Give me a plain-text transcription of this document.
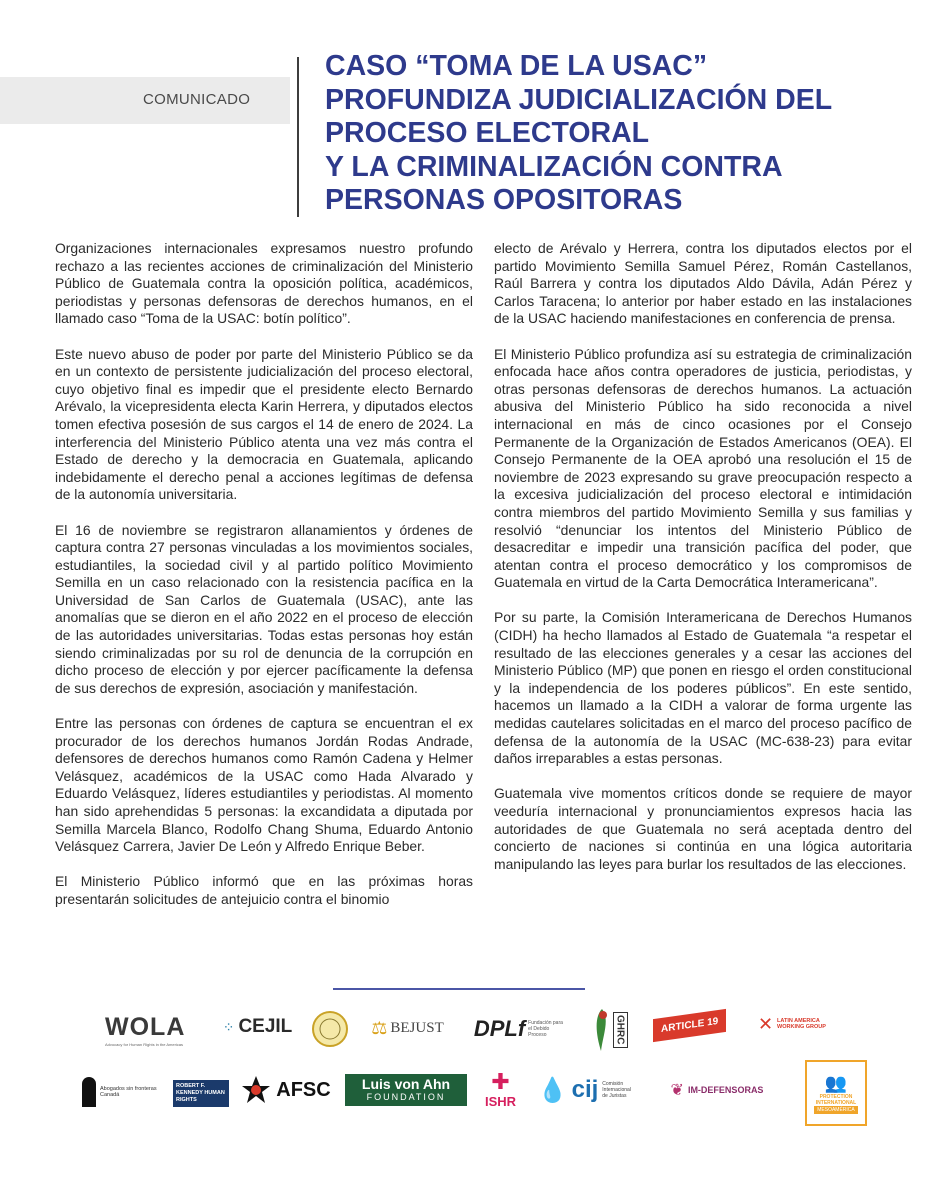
COMUNICADO
CASO “TOMA DE LA USAC”
PROFUNDIZA JUDICIALIZACIÓN DEL
PROCESO ELECTORAL
Y LA CRIMINALIZACIÓN CONTRA
PERSONAS OPOSITORAS

Organizaciones internacionales expresamos nuestro profundo rechazo a las recientes acciones de criminalización del Ministerio Público de Guatemala contra la oposición política, académicos, periodistas y personas defensoras de derechos humanos, en el llamado caso “Toma de la USAC: botín político”.

Este nuevo abuso de poder por parte del Ministerio Público se da en un contexto de persistente judicialización del proceso electoral, cuyo objetivo final es impedir que el presidente electo Bernardo Arévalo, la vicepresidenta electa Karin Herrera, y diputados electos tomen efectiva posesión de sus cargos el 14 de enero de 2024. La interferencia del Ministerio Público atenta una vez más contra el Estado de derecho y la democracia en Guatemala, aplicando indebidamente el derecho penal a acciones legítimas de defensa de la autonomía universitaria.

El 16 de noviembre se registraron allanamientos y órdenes de captura contra 27 personas vinculadas a los movimientos sociales, estudiantiles, la sociedad civil y al partido político Movimiento Semilla en un caso relacionado con la resistencia pacífica en la Universidad de San Carlos de Guatemala (USAC), ante las anomalías que se dieron en el año 2022 en el proceso de elección de las autoridades universitarias. Todas estas personas hoy están siendo criminalizadas por su rol de denuncia de la corrupción en dicho proceso de elección y por ejercer pacíficamente la defensa de sus derechos de expresión, asociación y manifestación.

Entre las personas con órdenes de captura se encuentran el ex procurador de los derechos humanos Jordán Rodas Andrade, defensores de derechos humanos como Ramón Cadena y Helmer Velásquez, académicos de la USAC como Hada Alvarado y Eduardo Velásquez, líderes estudiantiles y periodistas. Al momento han sido aprehendidas 5 personas: la excandidata a diputada por Semilla Marcela Blanco, Rodolfo Chang Shuma, Eduardo Antonio Velásquez Carrera, Javier De León y Alfredo Enrique Beber.

El Ministerio Público informó que en las próximas horas presentarán solicitudes de antejuicio contra el binomio

electo de Arévalo y Herrera, contra los diputados electos por el partido Movimiento Semilla Samuel Pérez, Román Castellanos, Raúl Barrera y contra los diputados Aldo Dávila, Adán Pérez y Carlos Taracena; lo anterior por haber estado en las instalaciones de la USAC haciendo manifestaciones en conferencia de prensa.

El Ministerio Público profundiza así su estrategia de criminalización enfocada hace años contra operadores de justicia, periodistas, y otras personas defensoras de derechos humanos. La actuación abusiva del Ministerio Público ha sido reconocida a nivel internacional en más de cinco ocasiones por el Consejo Permanente de la Organización de Estados Americanos (OEA). El Consejo Permanente de la OEA aprobó una resolución el 15 de noviembre de 2023 expresando su grave preocupación respecto a la excesiva judicialización del proceso electoral e intimidación contra miembros del partido Movimiento Semilla y sus familias y resolvió “denunciar los intentos del Ministerio Público de desacreditar e impedir una transición pacífica del poder, que atentan contra el proceso democrático y los compromisos de Guatemala en virtud de la Carta Democrática Interamericana”.

Por su parte, la Comisión Interamericana de Derechos Humanos (CIDH) ha hecho llamados al Estado de Guatemala “a respetar el resultado de las elecciones generales y a cesar las acciones del Ministerio Público (MP) que ponen en riesgo el orden constitucional y la independencia de los poderes públicos”. En este sentido, hacemos un llamado a la CIDH a valorar de forma urgente las medidas cautelares solicitadas en el marco del proceso pacífico de defensa de la autonomía de la USAC (MC-638-23) para evitar daños irreparables a estas personas.

Guatemala vive momentos críticos donde se requiere de mayor veeduría internacional y pronunciamientos expresos hacia las autoridades de que Guatemala no será aceptada dentro del concierto de naciones si continúa en una lógica autoritaria manipulando las leyes para burlar los resultados de las elecciones.

WOLA
Advocacy for Human Rights in the Americas
⁘ CEJIL	⚖ BEJUST DPLf Fundación para el Debido Proceso	GHRC	ARTICLE 19	✕ LATIN AMERICA WORKING GROUP
Abogados sin fronteras Canadá
ROBERT F. KENNEDY HUMAN RIGHTS	AFSC Luis von Ahn
FOUNDATION
✚
ISHR 💧 cij Comisión Internacional de Juristas	❦ IM-DEFENSORAS	👥
PROTECTION INTERNATIONAL
MESOAMÉRICA
